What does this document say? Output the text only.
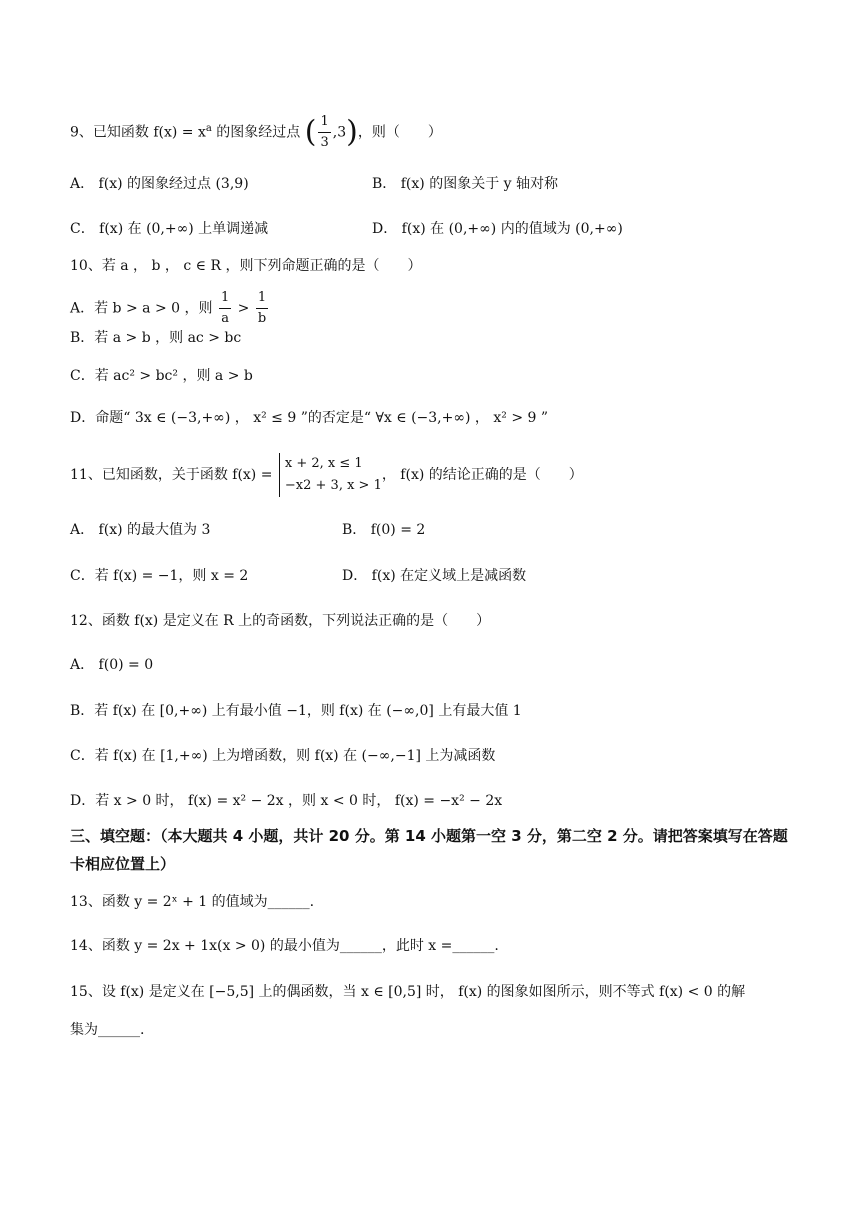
9、已知函数 $f(x) = x^a$ 的图象经过点 ( $\frac{1}{3} ,3$)，则（　　）
A． f(x) 的图象经过点 (3,9)	B． f(x) 的图象关于 y 轴对称
C． f(x) 在 (0,+∞) 上单调递减	D． f(x) 在 (0,+∞) 内的值域为 (0,+∞)
10、若 a ， b ， c ∈ R ，则下列命题正确的是（　　）
A．若 b > a > 0 ，则 $\frac{1}{a} > \frac{1}{b}$
B．若 a > b ，则 ac > bc
C．若 ac² > bc² ，则 a > b
D．命题“ 3x ∈ (−3,+∞) ， x² ≤ 9 ”的否定是“ ∀x ∈ (−3,+∞) ， x² > 9 ”
11、已知函数，关于函数 f(x) =
x + 2, x ≤ 1
−x2 + 3, x > 1
， f(x) 的结论正确的是（　　）
A． f(x) 的最大值为 3	B． f(0) = 2
C．若 f(x) = −1，则 x = 2	D． f(x) 在定义域上是减函数
12、函数 f(x) 是定义在 R 上的奇函数，下列说法正确的是（　　）
A． f(0) = 0
B．若 f(x) 在 [0,+∞) 上有最小值 −1，则 f(x) 在 (−∞,0] 上有最大值 1
C．若 f(x) 在 [1,+∞) 上为增函数，则 f(x) 在 (−∞,−1] 上为减函数
D．若 x > 0 时， f(x) = x² − 2x ，则 x < 0 时， f(x) = −x² − 2x
三、填空题：（本大题共 4 小题，共计 20 分。第 14 小题第一空 3 分，第二空 2 分。请把答案填写在答题卡相应位置上）
13、函数 y = 2ˣ + 1 的值域为______.
14、函数 y = 2x + 1x(x > 0) 的最小值为______，此时 x =______.
15、设 f(x) 是定义在 [−5,5] 上的偶函数，当 x ∈ [0,5] 时， f(x) 的图象如图所示，则不等式 f(x) < 0 的解
集为______.
